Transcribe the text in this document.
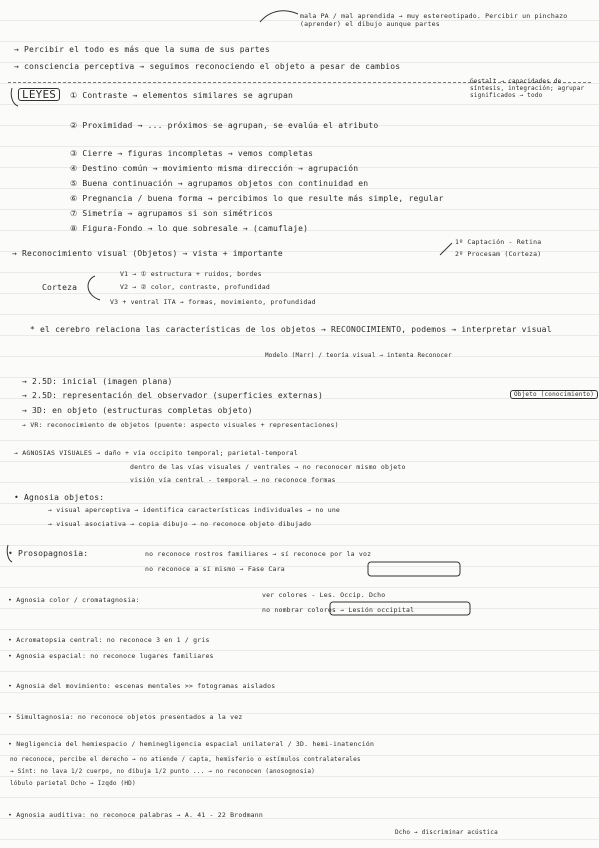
mala PA / mal aprendida → muy estereotipado. Percibir un pinchazo (aprender) el dibujo aunque partes
→ Percibir el todo es más que la suma de sus partes
→ consciencia perceptiva → seguimos reconociendo el objeto a pesar de cambios
LEYES
Gestalt → capacidades de síntesis, integración; agrupar significados → todo
① Contraste → elementos similares se agrupan
② Proximidad → ... próximos se agrupan, se evalúa el atributo
③ Cierre → figuras incompletas → vemos completas
④ Destino común → movimiento misma dirección → agrupación
⑤ Buena continuación → agrupamos objetos con continuidad en
⑥ Pregnancia / buena forma → percibimos lo que resulte más simple, regular
⑦ Simetría → agrupamos si son simétricos
⑧ Figura-Fondo → lo que sobresale → (camuflaje)
→ Reconocimiento visual (Objetos) → vista + importante
1º Captación - Retina
2º Procesam (Corteza)
Corteza
V1 → ① estructura + ruidos, bordes
V2 → ② color, contraste, profundidad
V3 + ventral ITA → formas, movimiento, profundidad
* el cerebro relaciona las características de los objetos → RECONOCIMIENTO, podemos → interpretar visual
Modelo (Marr) / teoría visual → intenta Reconocer
Objeto (conocimiento)
→ 2.5D: inicial (imagen plana)
→ 2.5D: representación del observador (superficies externas)
→ 3D: en objeto (estructuras completas objeto)
→ VR: reconocimiento de objetos (puente: aspecto visuales + representaciones)
→ AGNOSIAS VISUALES → daño + vía occipito temporal; parietal-temporal
dentro de las vías visuales / ventrales → no reconocer mismo objeto
visión vía central - temporal → no reconoce formas
• Agnosia objetos:
→ visual aperceptiva → identifica características individuales → no une
→ visual asociativa → copia dibujo → no reconoce objeto dibujado
• Prosopagnosia:	no reconoce rostros familiares → sí reconoce por la voz
no reconoce a sí mismo → Fase Cara
• Agnosia color / cromatagnosia:
ver colores - Les. Occip. Dcho
no nombrar colores → Lesión occipital
• Acromatopsia central: no reconoce 3 en 1 / gris
• Agnosia espacial: no reconoce lugares familiares
• Agnosia del movimiento: escenas mentales >> fotogramas aislados
• Simultagnosia: no reconoce objetos presentados a la vez
• Negligencia del hemiespacio / heminegligencia espacial unilateral / 3D. hemi-inatención
no reconoce, percibe el derecho → no atiende / capta, hemisferio o estímulos contralaterales
→ Sínt: no lava 1/2 cuerpo, no dibuja 1/2 punto ... → no reconocen (anosognosia)
lóbulo parietal Dcho → Izqdo (HD)
• Agnosia auditiva: no reconoce palabras → A. 41 - 22 Brodmann
Dcho → discriminar acústica
